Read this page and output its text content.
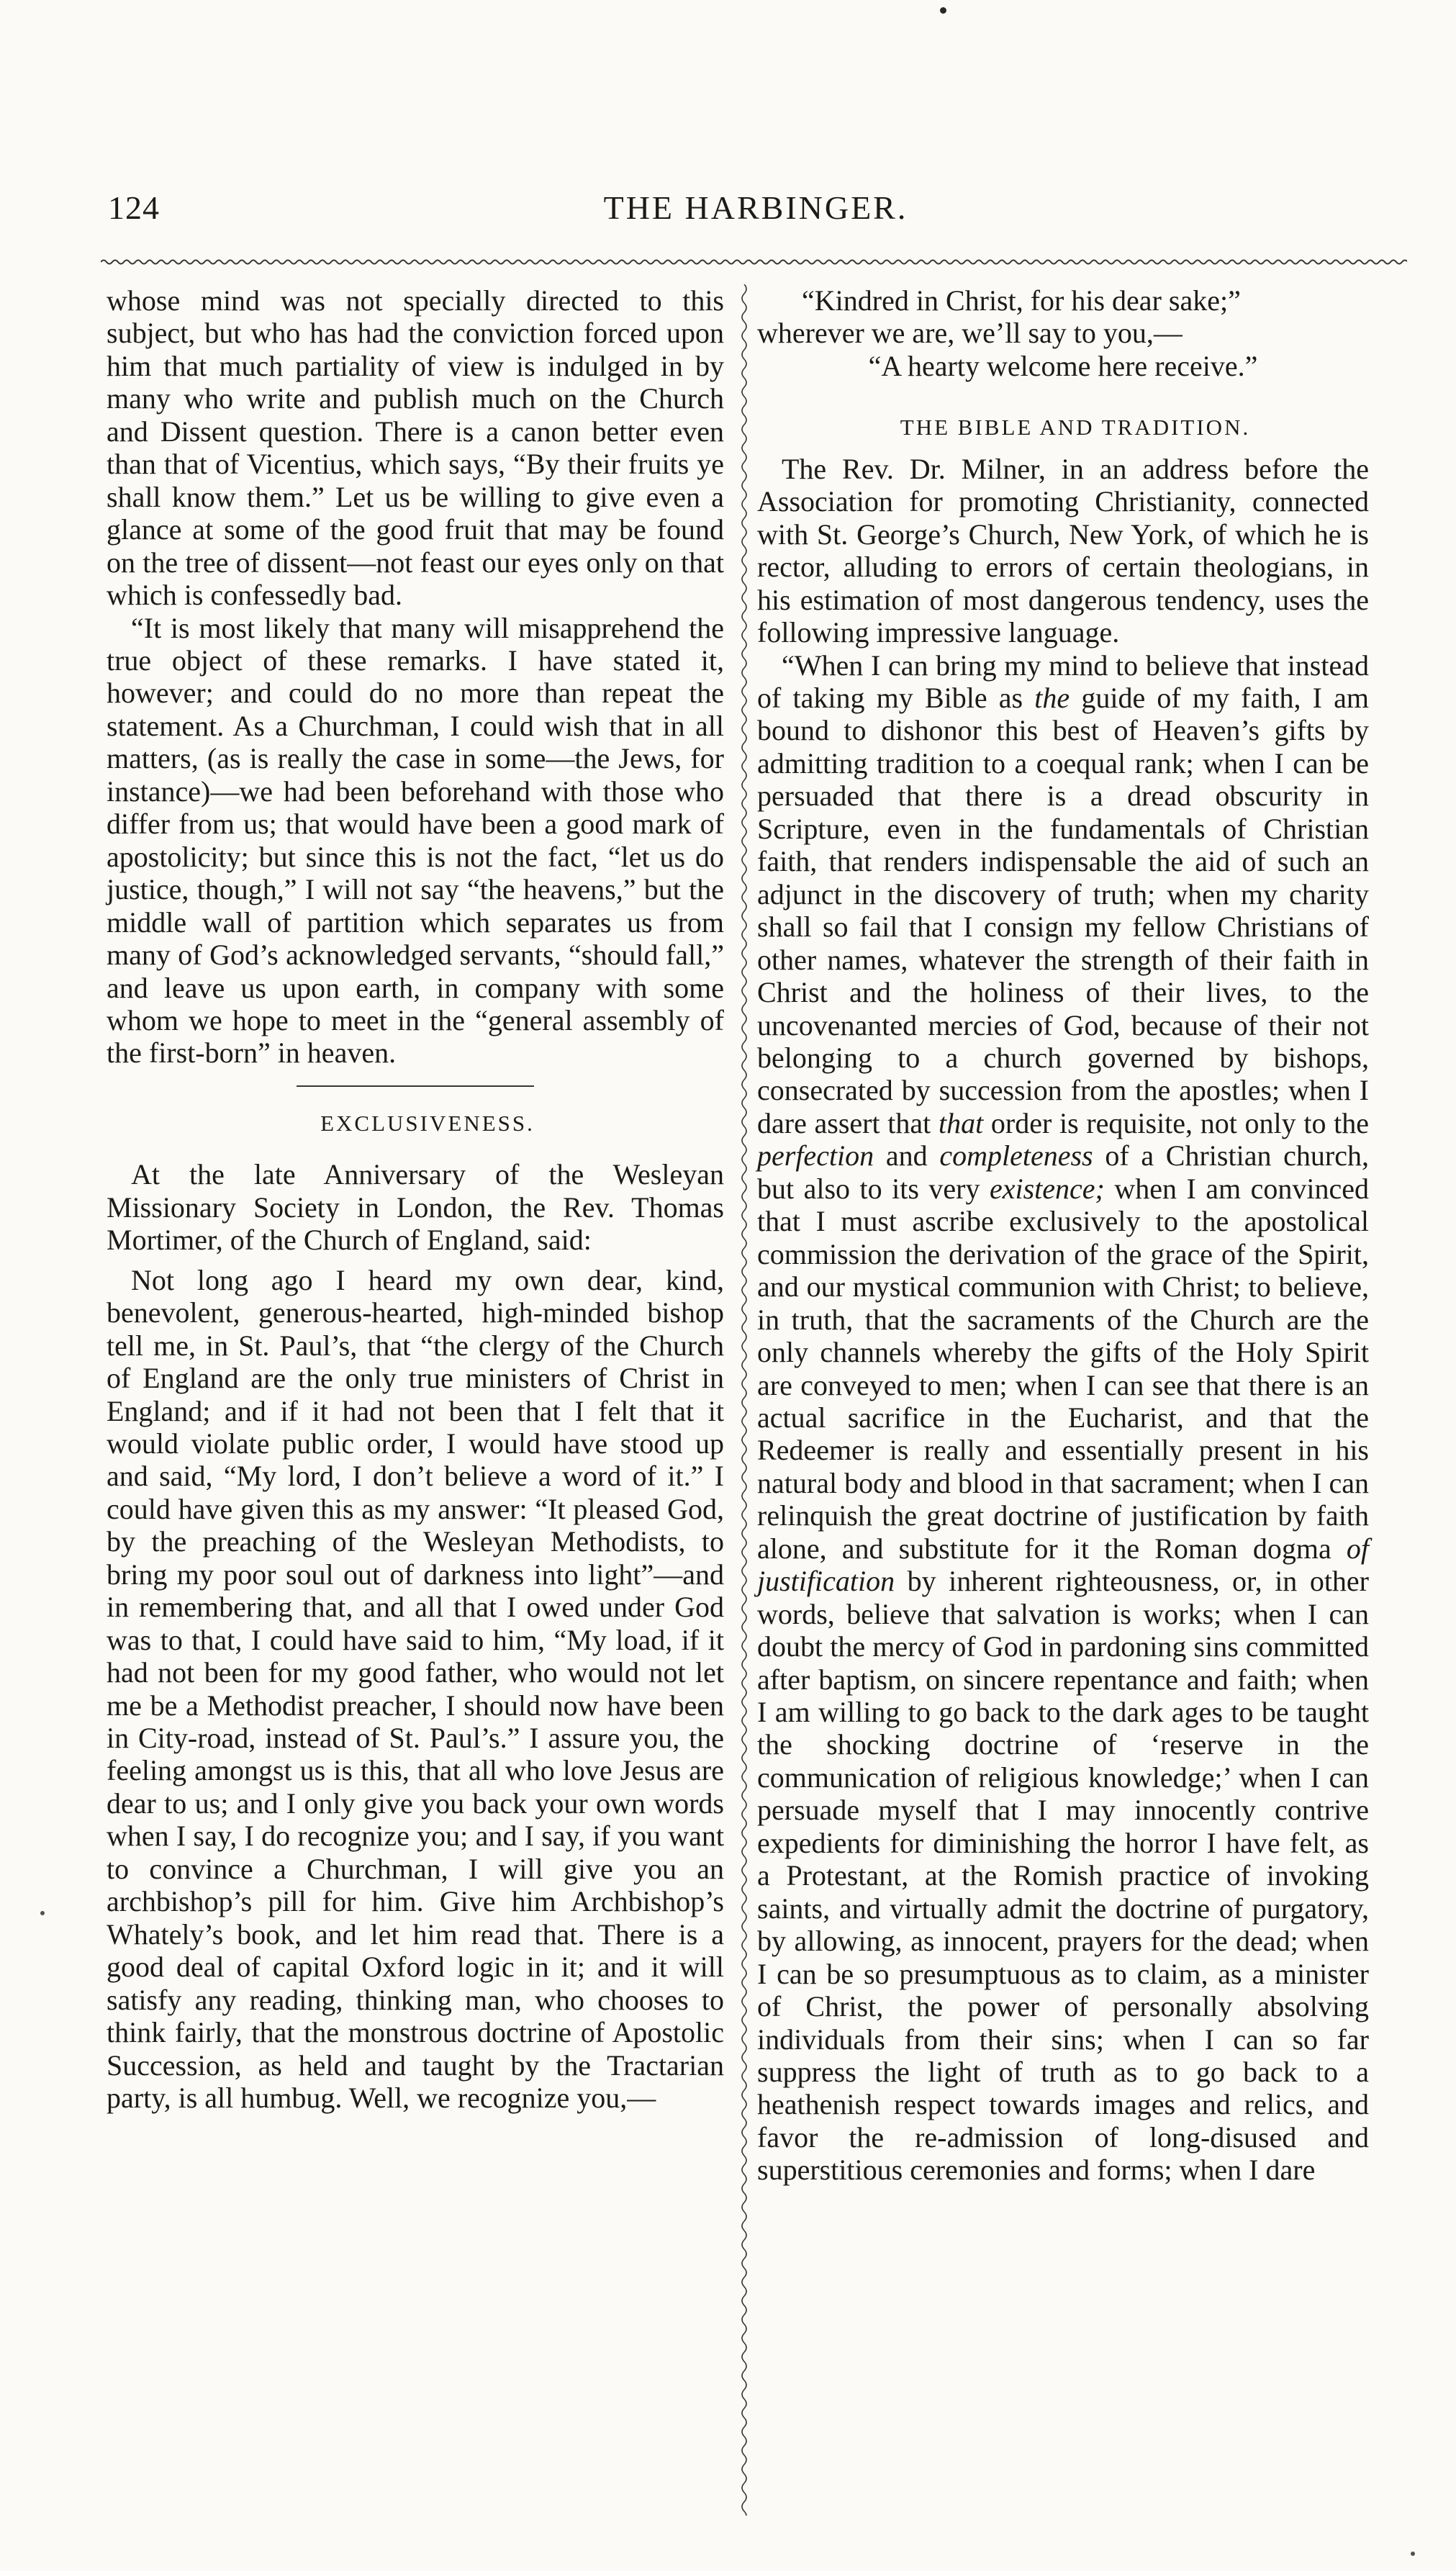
124	THE HARBINGER.

whose mind was not specially directed to this subject, but who has had the conviction forced upon him that much partiality of view is indulged in by many who write and publish much on the Church and Dissent question. There is a canon better even than that of Vicentius, which says, “By their fruits ye shall know them.” Let us be willing to give even a glance at some of the good fruit that may be found on the tree of dissent—not feast our eyes only on that which is confessedly bad.

“It is most likely that many will misapprehend the true object of these remarks. I have stated it, however; and could do no more than repeat the statement. As a Churchman, I could wish that in all matters, (as is really the case in some—the Jews, for instance)—we had been beforehand with those who differ from us; that would have been a good mark of apostolicity; but since this is not the fact, “let us do justice, though,” I will not say “the heavens,” but the middle wall of partition which separates us from many of God’s acknowledged servants, “should fall,” and leave us upon earth, in company with some whom we hope to meet in the “general assembly of the first-born” in heaven.

EXCLUSIVENESS.

At the late Anniversary of the Wesleyan Missionary Society in London, the Rev. Thomas Mortimer, of the Church of England, said:

Not long ago I heard my own dear, kind, benevolent, generous-hearted, high-minded bishop tell me, in St. Paul’s, that “the clergy of the Church of England are the only true ministers of Christ in England; and if it had not been that I felt that it would violate public order, I would have stood up and said, “My lord, I don’t believe a word of it.” I could have given this as my answer: “It pleased God, by the preaching of the Wesleyan Methodists, to bring my poor soul out of darkness into light”—and in remembering that, and all that I owed under God was to that, I could have said to him, “My load, if it had not been for my good father, who would not let me be a Methodist preacher, I should now have been in City-road, instead of St. Paul’s.” I assure you, the feeling amongst us is this, that all who love Jesus are dear to us; and I only give you back your own words when I say, I do recognize you; and I say, if you want to convince a Churchman, I will give you an archbishop’s pill for him. Give him Archbishop’s Whately’s book, and let him read that. There is a good deal of capital Oxford logic in it; and it will satisfy any reading, thinking man, who chooses to think fairly, that the monstrous doctrine of Apostolic Succession, as held and taught by the Tractarian party, is all humbug. Well, we recognize you,—

“Kindred in Christ, for his dear sake;”

wherever we are, we’ll say to you,—

“A hearty welcome here receive.”

THE BIBLE AND TRADITION.

The Rev. Dr. Milner, in an address before the Association for promoting Christianity, connected with St. George’s Church, New York, of which he is rector, alluding to errors of certain theologians, in his estimation of most dangerous tendency, uses the following impressive language.

“When I can bring my mind to believe that instead of taking my Bible as the guide of my faith, I am bound to dishonor this best of Heaven’s gifts by admitting tradition to a coequal rank; when I can be persuaded that there is a dread obscurity in Scripture, even in the fundamentals of Christian faith, that renders indispensable the aid of such an adjunct in the discovery of truth; when my charity shall so fail that I consign my fellow Christians of other names, whatever the strength of their faith in Christ and the holiness of their lives, to the uncovenanted mercies of God, because of their not belonging to a church governed by bishops, consecrated by succession from the apostles; when I dare assert that that order is requisite, not only to the perfection and completeness of a Christian church, but also to its very existence; when I am convinced that I must ascribe exclusively to the apostolical commission the derivation of the grace of the Spirit, and our mystical communion with Christ; to believe, in truth, that the sacraments of the Church are the only channels whereby the gifts of the Holy Spirit are conveyed to men; when I can see that there is an actual sacrifice in the Eucharist, and that the Redeemer is really and essentially present in his natural body and blood in that sacrament; when I can relinquish the great doctrine of justification by faith alone, and substitute for it the Roman dogma of justification by inherent righteousness, or, in other words, believe that salvation is works; when I can doubt the mercy of God in pardoning sins committed after baptism, on sincere repentance and faith; when I am willing to go back to the dark ages to be taught the shocking doctrine of ‘reserve in the communication of religious knowledge;’ when I can persuade myself that I may innocently contrive expedients for diminishing the horror I have felt, as a Protestant, at the Romish practice of invoking saints, and virtually admit the doctrine of purgatory, by allowing, as innocent, prayers for the dead; when I can be so presumptuous as to claim, as a minister of Christ, the power of personally absolving individuals from their sins; when I can so far suppress the light of truth as to go back to a heathenish respect towards images and relics, and favor the re-admission of long-disused and superstitious ceremonies and forms; when I dare
